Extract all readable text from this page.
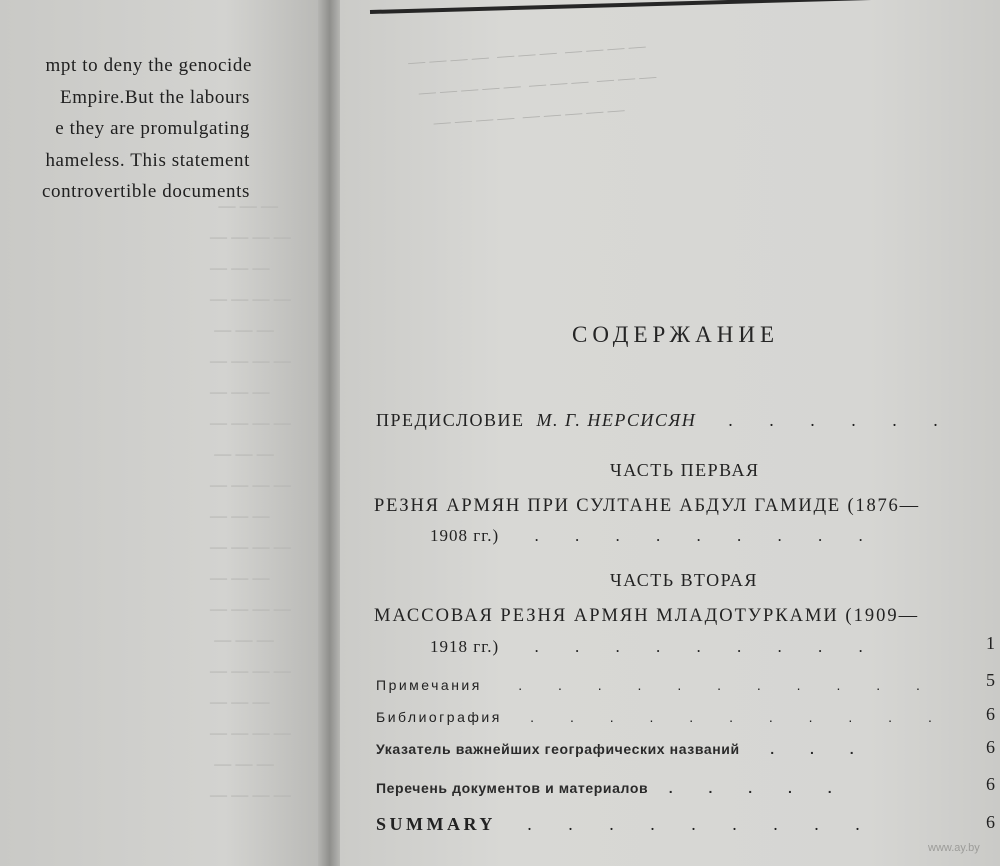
— — — —  — — —  — — — —
— — — — —  — — —  — — —
— — — —  — — — — —
— — —
— — — —
— — —
— — — —
— — —
— — — —
— — —
— — — —
— — —
— — — —
— — —
— — — —
— — —
— — — —
— — —
— — — —
— — —
— — — —
— — —
— — — —
mpt to deny the genocide
Empire.But the labours
e they are promulgating
hameless. This statement
controvertible documents
СОДЕРЖАНИЕ
ПРЕДИСЛОВИЕ М. Г. НЕРСИСЯН . . . . . .
ЧАСТЬ ПЕРВАЯ
РЕЗНЯ АРМЯН ПРИ СУЛТАНЕ АБДУЛ ГАМИДЕ (1876—
1908 гг.) . . . . . . . . .
ЧАСТЬ ВТОРАЯ
МАССОВАЯ РЕЗНЯ АРМЯН МЛАДОТУРКАМИ (1909—
1918 гг.) . . . . . . . . .	1
Примечания	. . . . . . . . . . .	5
Библиография . . . . . . . . . . . 6
Указатель важнейших географических названий . . .	6
Перечень документов и материалов . . . . .	6
SUMMARY . . . . . . . . .	6
www.ay.by
